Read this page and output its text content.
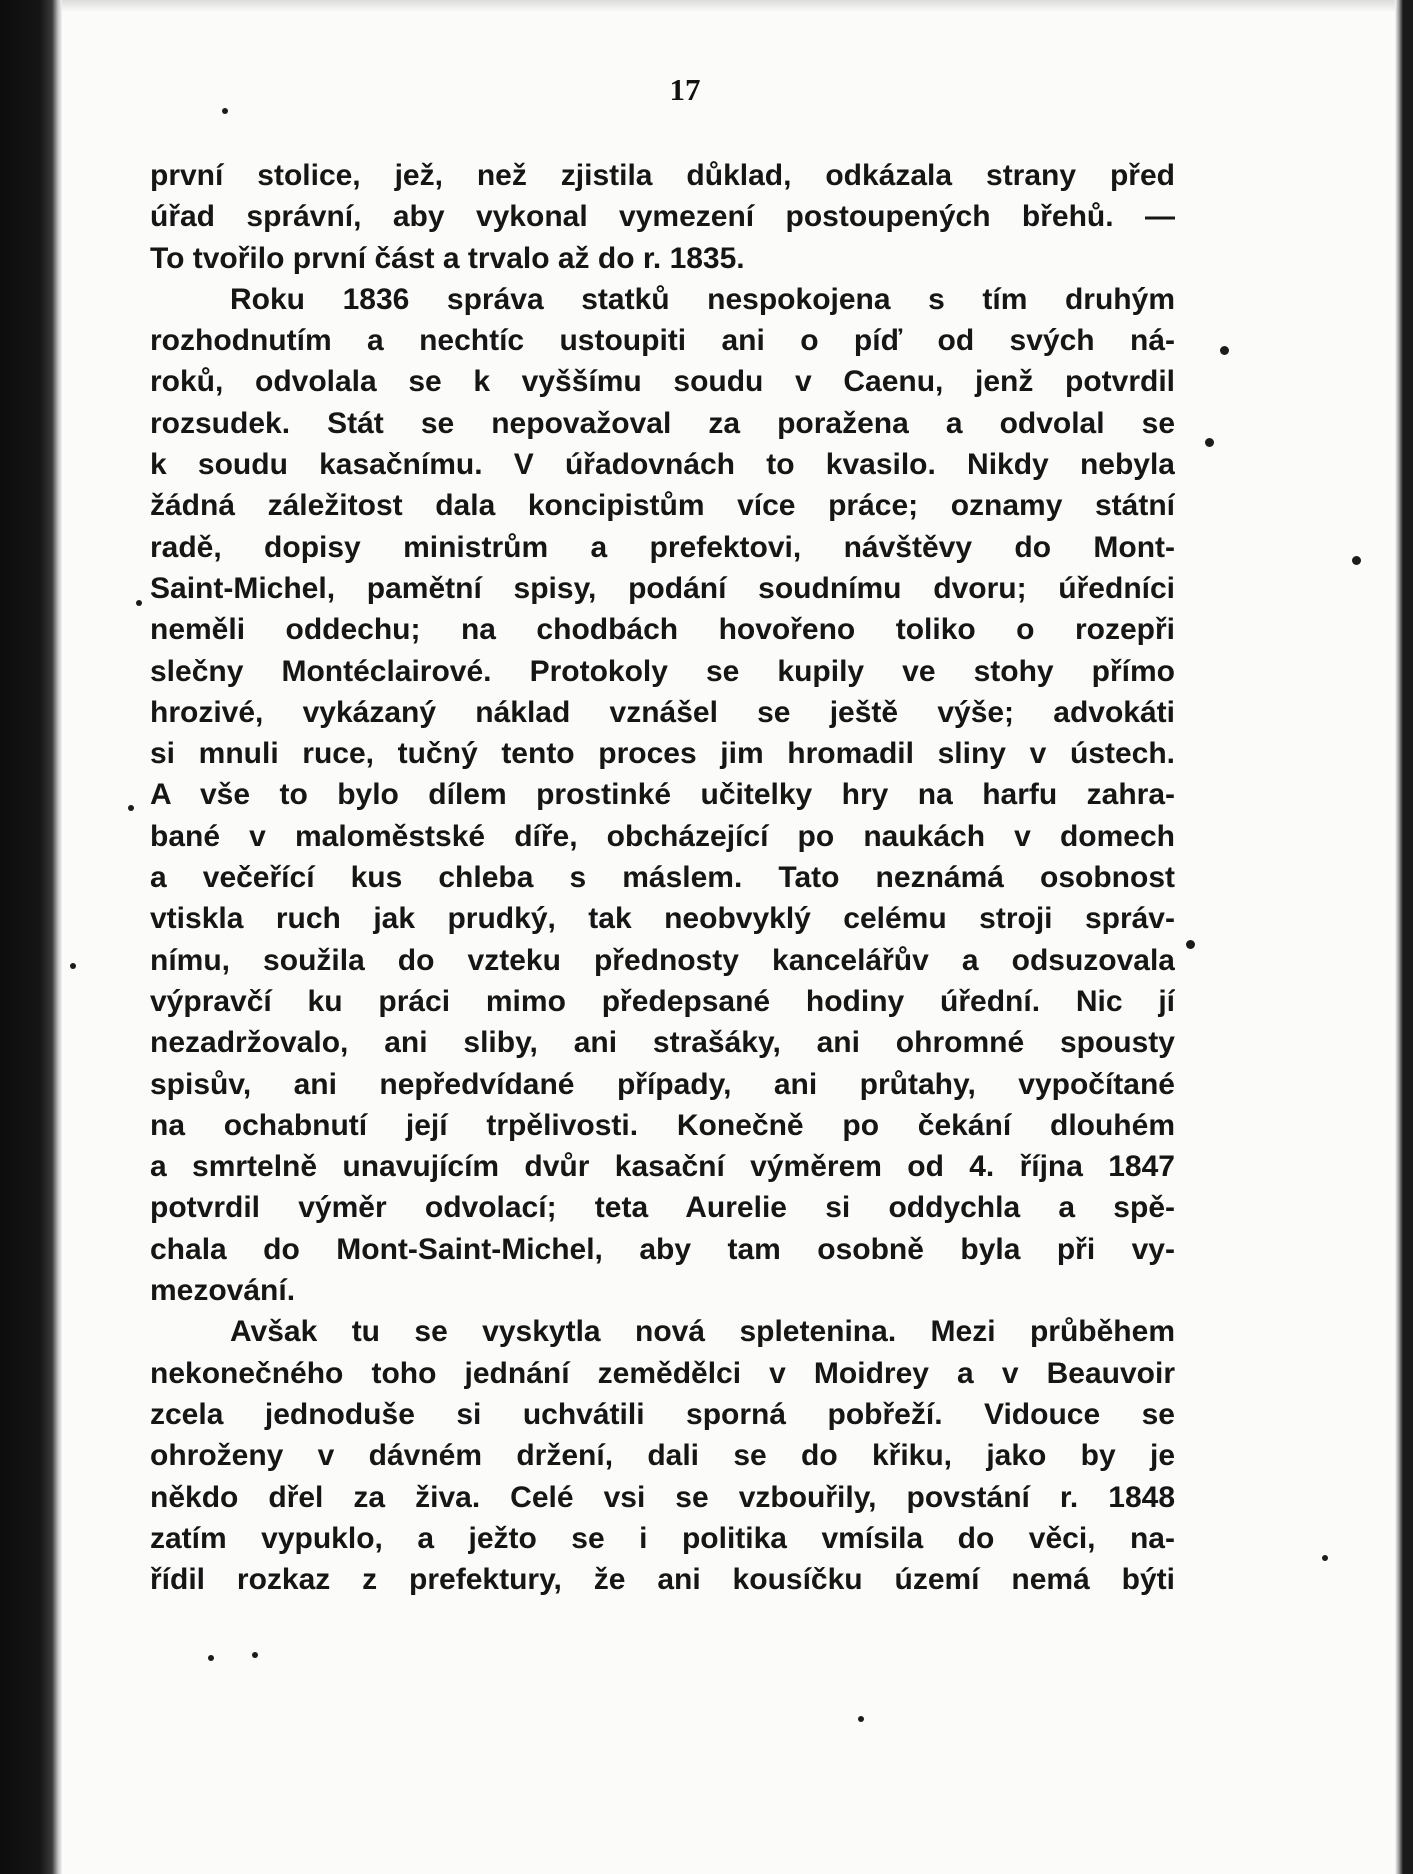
17
první stolice, jež, než zjistila důklad, odkázala strany před
úřad správní, aby vykonal vymezení postoupených břehů. —
To tvořilo první část a trvalo až do r. 1835.
Roku 1836 správa statků nespokojena s tím druhým
rozhodnutím a nechtíc ustoupiti ani o píď od svých ná-
roků, odvolala se k vyššímu soudu v Caenu, jenž potvrdil
rozsudek. Stát se nepovažoval za poražena a odvolal se
k soudu kasačnímu. V úřadovnách to kvasilo. Nikdy nebyla
žádná záležitost dala koncipistům více práce; oznamy státní
radě, dopisy ministrům a prefektovi, návštěvy do Mont-
Saint-Michel, pamětní spisy, podání soudnímu dvoru; úředníci
neměli oddechu; na chodbách hovořeno toliko o rozepři
slečny Montéclairové. Protokoly se kupily ve stohy přímo
hrozivé, vykázaný náklad vznášel se ještě výše; advokáti
si mnuli ruce, tučný tento proces jim hromadil sliny v ústech.
A vše to bylo dílem prostinké učitelky hry na harfu zahra-
bané v maloměstské díře, obcházející po naukách v domech
a večeřící kus chleba s máslem. Tato neznámá osobnost
vtiskla ruch jak prudký, tak neobvyklý celému stroji správ-
nímu, soužila do vzteku přednosty kancelářův a odsuzovala
výpravčí ku práci mimo předepsané hodiny úřední. Nic jí
nezadržovalo, ani sliby, ani strašáky, ani ohromné spousty
spisův, ani nepředvídané případy, ani průtahy, vypočítané
na ochabnutí její trpělivosti. Konečně po čekání dlouhém
a smrtelně unavujícím dvůr kasační výměrem od 4. října 1847
potvrdil výměr odvolací; teta Aurelie si oddychla a spě-
chala do Mont-Saint-Michel, aby tam osobně byla při vy-
mezování.
Avšak tu se vyskytla nová spletenina. Mezi průběhem
nekonečného toho jednání zemědělci v Moidrey a v Beauvoir
zcela jednoduše si uchvátili sporná pobřeží. Vidouce se
ohroženy v dávném držení, dali se do křiku, jako by je
někdo dřel za živa. Celé vsi se vzbouřily, povstání r. 1848
zatím vypuklo, a ježto se i politika vmísila do věci, na-
řídil rozkaz z prefektury, že ani kousíčku území nemá býti
